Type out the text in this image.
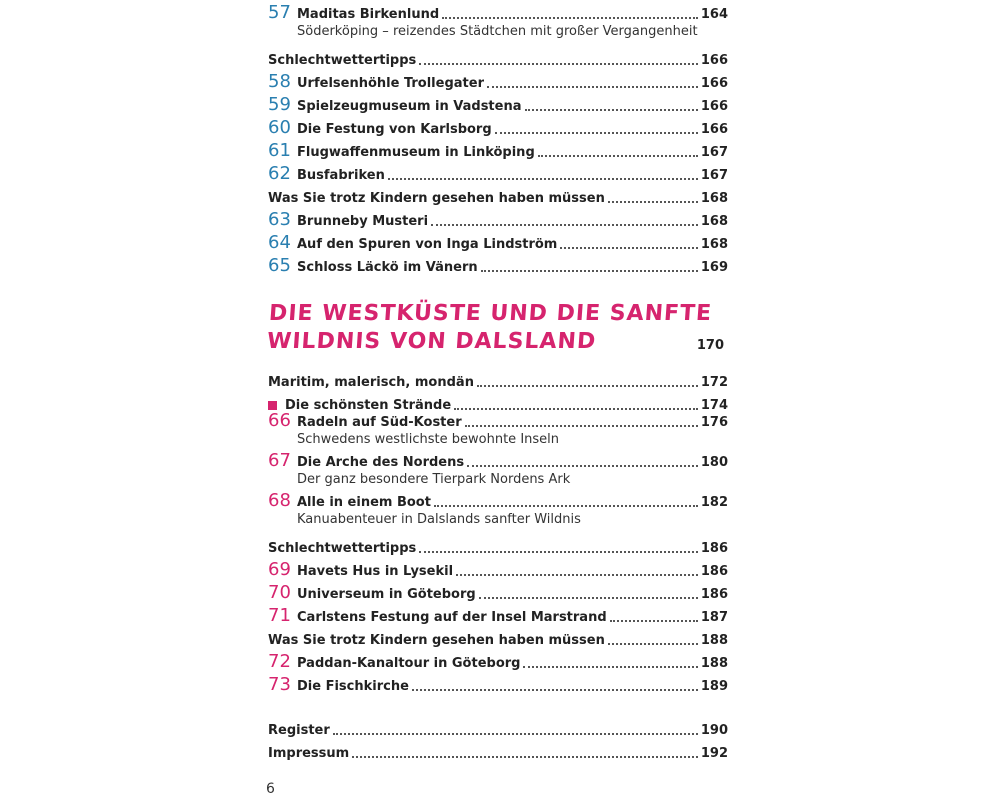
57 Maditas Birkenlund	164
Söderköping – reizendes Städtchen mit großer Vergangenheit
Schlechtwettertipps	166
58 Urfelsenhöhle Trollegater	166
59 Spielzeugmuseum in Vadstena	166
60 Die Festung von Karlsborg	166
61 Flugwaffenmuseum in Linköping	167
62 Busfabriken	167
Was Sie trotz Kindern gesehen haben müssen	168
63 Brunneby Musteri	168
64 Auf den Spuren von Inga Lindström	168
65 Schloss Läckö im Vänern	169
DIE WESTKÜSTE UND DIE SANFTE
WILDNIS VON DALSLAND	170
Maritim, malerisch, mondän	172
Die schönsten Strände	174
66 Radeln auf Süd-Koster	176
Schwedens westlichste bewohnte Inseln
67 Die Arche des Nordens	180
Der ganz besondere Tierpark Nordens Ark
68 Alle in einem Boot	182
Kanuabenteuer in Dalslands sanfter Wildnis
Schlechtwettertipps	186
69 Havets Hus in Lysekil	186
70 Universeum in Göteborg	186
71 Carlstens Festung auf der Insel Marstrand	187
Was Sie trotz Kindern gesehen haben müssen	188
72 Paddan-Kanaltour in Göteborg	188
73 Die Fischkirche	189
Register	190
Impressum	192
6
